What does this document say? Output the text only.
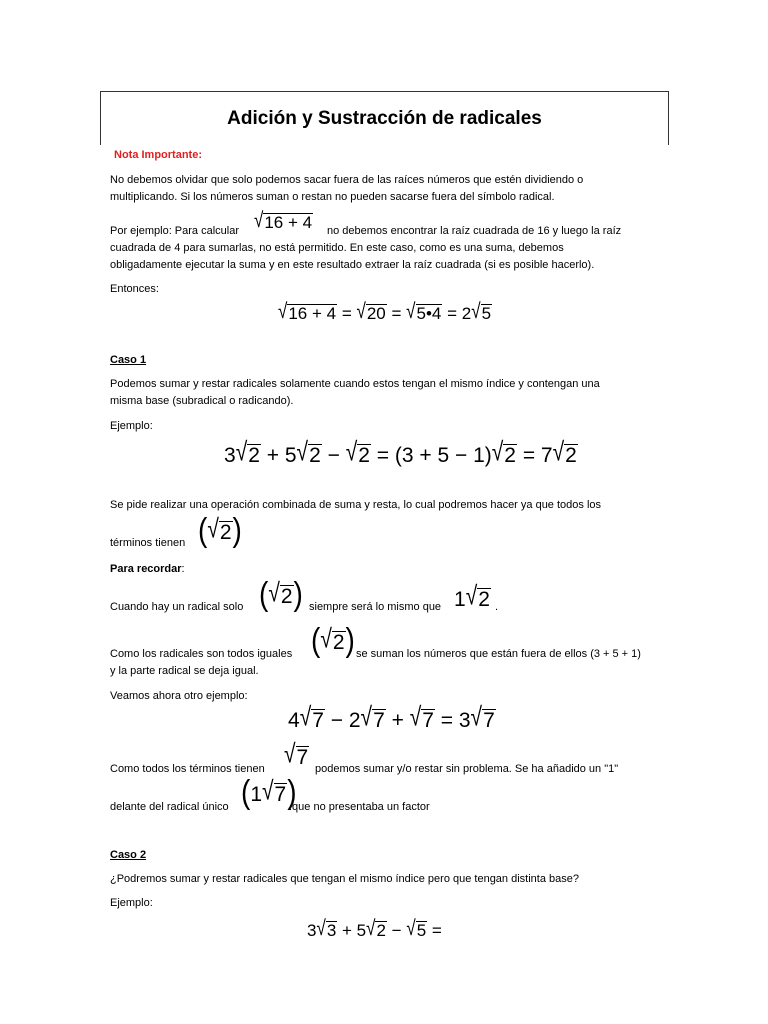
Adición y Sustracción de radicales

Nota Importante:

No debemos olvidar que solo podemos sacar fuera de las raíces números que estén dividiendo o

multiplicando. Si los números suman o restan no pueden sacarse fuera del símbolo radical.

Por ejemplo: Para calcular √16 + 4 no debemos encontrar la raíz cuadrada de 16 y luego la raíz

cuadrada de 4 para sumarlas, no está permitido. En este caso, como es una suma, debemos

obligadamente ejecutar la suma y en este resultado extraer la raíz cuadrada (si es posible hacerlo).

Entonces:

√16 + 4 = √20 = √5•4 = 2√5

Caso 1

Podemos sumar y restar radicales solamente cuando estos tengan el mismo índice y contengan una

misma base (subradical o radicando).

Ejemplo:

3√2 + 5√2 − √2 = (3 + 5 − 1)√2 = 7√2

Se pide realizar una operación combinada de suma y resta, lo cual podremos hacer ya que todos los

términos tienen (√2)

Para recordar:

Cuando hay un radical solo (√2) siempre será lo mismo que 1√2 .

Como los radicales son todos iguales (√2) se suman los números que están fuera de ellos (3 + 5 + 1)

y la parte radical se deja igual.

Veamos ahora otro ejemplo:

4√7 − 2√7 + √7 = 3√7

Como todos los términos tienen

√7 podemos sumar y/o restar sin problema. Se ha añadido un "1"

delante del radical único (1√7)

.que no presentaba un factor

Caso 2

¿Podremos sumar y restar radicales que tengan el mismo índice pero que tengan distinta base?

Ejemplo:

3√3 + 5√2 − √5 =
